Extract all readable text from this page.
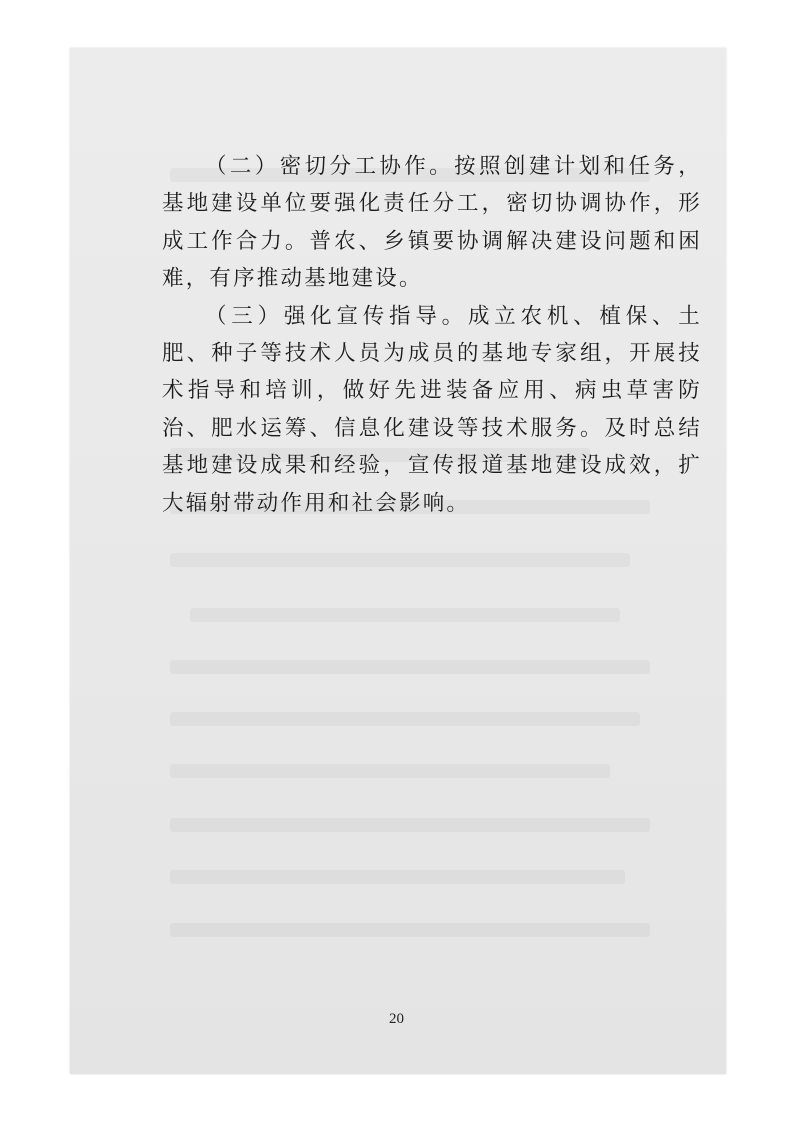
（二）密切分工协作。按照创建计划和任务，基地建设单位要强化责任分工，密切协调协作，形成工作合力。普农、乡镇要协调解决建设问题和困难，有序推动基地建设。

（三）强化宣传指导。成立农机、植保、土肥、种子等技术人员为成员的基地专家组，开展技术指导和培训，做好先进装备应用、病虫草害防治、肥水运筹、信息化建设等技术服务。及时总结基地建设成果和经验，宣传报道基地建设成效，扩大辐射带动作用和社会影响。

20
